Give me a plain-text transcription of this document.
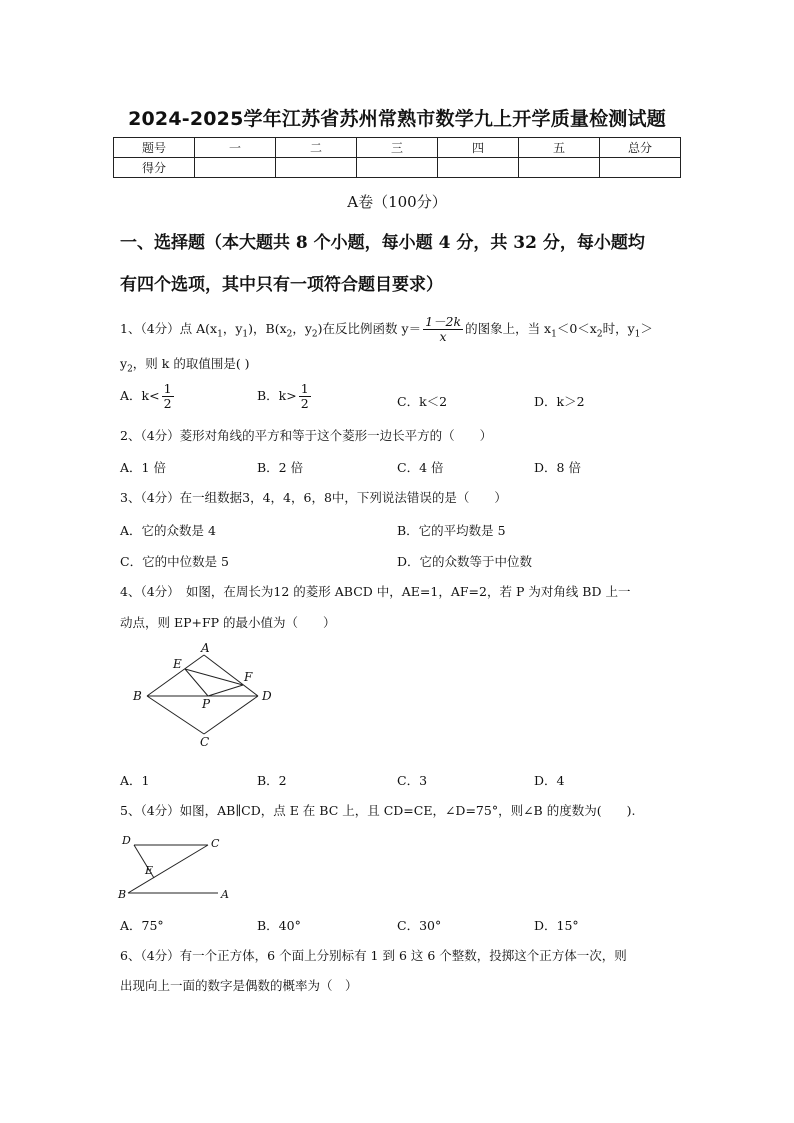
2024-2025学年江苏省苏州常熟市数学九上开学质量检测试题
题号	一	二	三	四	五	总分
得分						
A卷（100分）
一、选择题（本大题共 8 个小题，每小题 4 分，共 32 分，每小题均
有四个选项，其中只有一项符合题目要求）
1、（4分）点 $A(x_1$，$y_1$)，$B(x_2$，$y_2$)在反比例函数 $y= \frac{1-2k}{x}$ 的图象上，当 $x_1<0<x_2$时，$y_1>$
$y_2$，则 k 的取值围是( )
A．$k< \frac{1}{2}$	B．$k> \frac{1}{2}$	C．k＜2	D．k＞2
2、（4分）菱形对角线的平方和等于这个菱形一边长平方的（　　）
A．1 倍	B．2 倍	C．4 倍	D．8 倍
3、（4分）在一组数据3，4，4，6，8中，下列说法错误的是（　　）
A．它的众数是 4	B．它的平均数是 5
C．它的中位数是 5	D．它的众数等于中位数
4、（4分）　如图，在周长为12 的菱形 ABCD 中，AE=1，AF=2，若 P 为对角线 BD 上一
动点，则 EP+FP 的最小值为（　　）
A
B
C
D
E
F
P
A．1	B．2	C．3	D．4
5、（4分）如图，AB∥CD，点 E 在 BC 上，且 CD=CE，∠D=75°，则∠B 的度数为(　　).
D	C
E
B	A
A．75°	B．40°	C．30°	D．15°
6、（4分）有一个正方体，6 个面上分别标有 1 到 6 这 6 个整数，投掷这个正方体一次，则
出现向上一面的数字是偶数的概率为（　）
